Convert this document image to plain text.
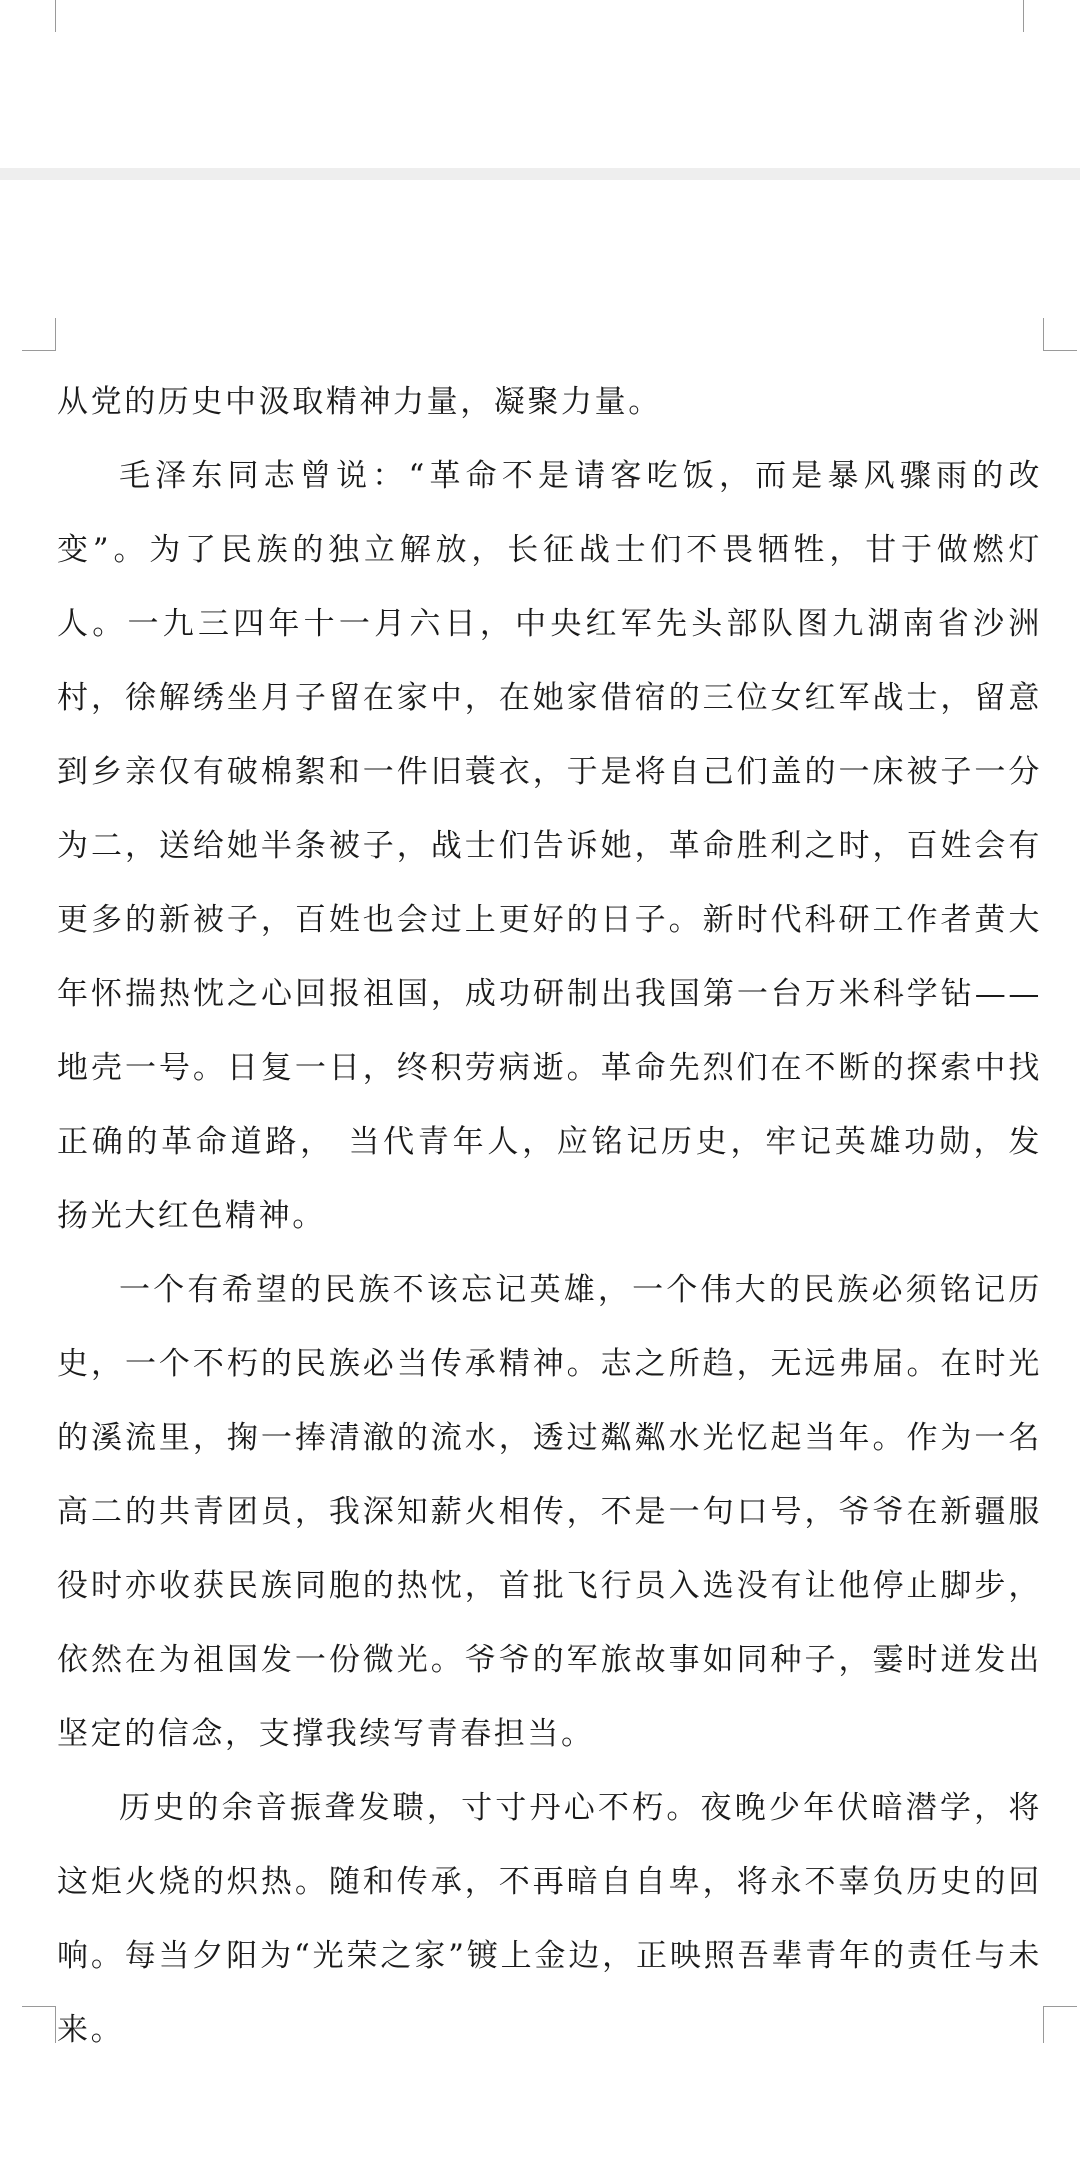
从党的历史中汲取精神力量，凝聚力量。

毛泽东同志曾说：“革命不是请客吃饭，而是暴风骤雨的改变”。为了民族的独立解放，长征战士们不畏牺牲，甘于做燃灯人。一九三四年十一月六日，中央红军先头部队图九湖南省沙洲村，徐解绣坐月子留在家中，在她家借宿的三位女红军战士，留意到乡亲仅有破棉絮和一件旧蓑衣，于是将自己们盖的一床被子一分为二，送给她半条被子，战士们告诉她，革命胜利之时，百姓会有更多的新被子，百姓也会过上更好的日子。新时代科研工作者黄大年怀揣热忱之心回报祖国，成功研制出我国第一台万米科学钻——地壳一号。日复一日，终积劳病逝。革命先烈们在不断的探索中找正确的革命道路， 当代青年人，应铭记历史，牢记英雄功勋，发扬光大红色精神。

一个有希望的民族不该忘记英雄，一个伟大的民族必须铭记历史，一个不朽的民族必当传承精神。志之所趋，无远弗届。在时光的溪流里，掬一捧清澈的流水，透过粼粼水光忆起当年。作为一名高二的共青团员，我深知薪火相传，不是一句口号，爷爷在新疆服役时亦收获民族同胞的热忱，首批飞行员入选没有让他停止脚步，依然在为祖国发一份微光。爷爷的军旅故事如同种子，霎时迸发出坚定的信念，支撑我续写青春担当。

历史的余音振聋发聩，寸寸丹心不朽。夜晚少年伏暗潜学，将这炬火烧的炽热。随和传承，不再暗自自卑，将永不辜负历史的回响。每当夕阳为“光荣之家”镀上金边，正映照吾辈青年的责任与未来。
